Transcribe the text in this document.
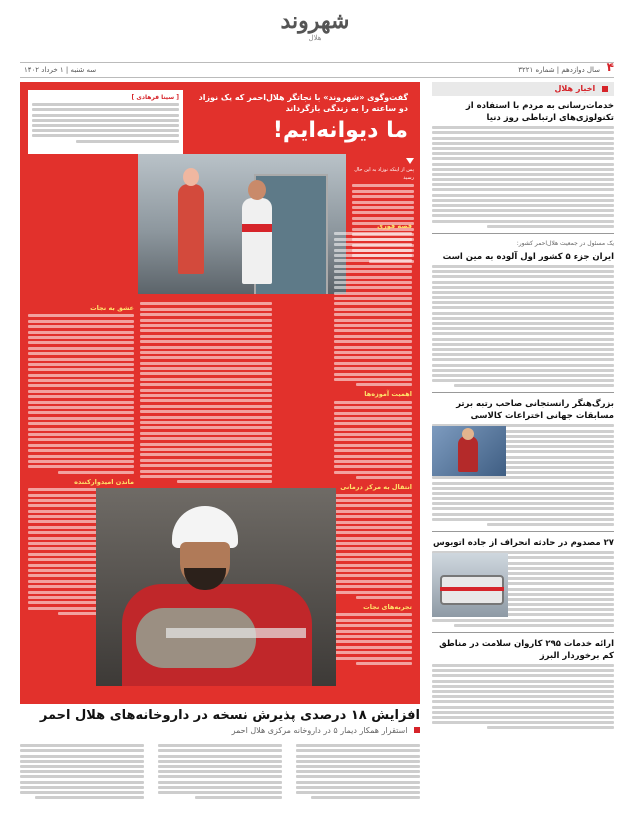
شهروند
هلال
۴
سال دوازدهم | شماره ۳۲۲۱
سه شنبه | ۱ خرداد ۱۴۰۲
اخبار هلال
خدمات‌رسانی به مردم با استفاده از تکنولوژی‌های ارتباطی روز دنیا
یک مسئول در جمعیت هلال‌احمر کشور:
ایران جزء ۵ کشور اول آلوده به مین است
بزرگ‌هنگر رانستجانی صاحب رتبه برتر مسابقات جهانی اختراعات کالاسی
۲۷ مصدوم در حادثه انحراف از جاده اتوبوس
ارائه خدمات ۲۹۵ کاروان سلامت در مناطق کم برخوردار البرز
[ سینا فرهادی ]	گفت‌وگوی «شهروند» با نجاتگر هلال‌احمر که یک نوزاد دو ساعته را به زندگی بازگرداند
ما دیوانه‌ایم!
پس از اینکه نوزاد به این حال رسید
عشق به نجات
ماندن امیدوارکننده
قصه فوری
اهمیت آموزه‌ها
انتقال به مرکز درمانی
تجربه‌های نجات
افزایش ۱۸ درصدی پذیرش نسخه در داروخانه‌های هلال احمر
استقرار همکار دیمار ۵ در داروخانه مرکزی هلال احمر
